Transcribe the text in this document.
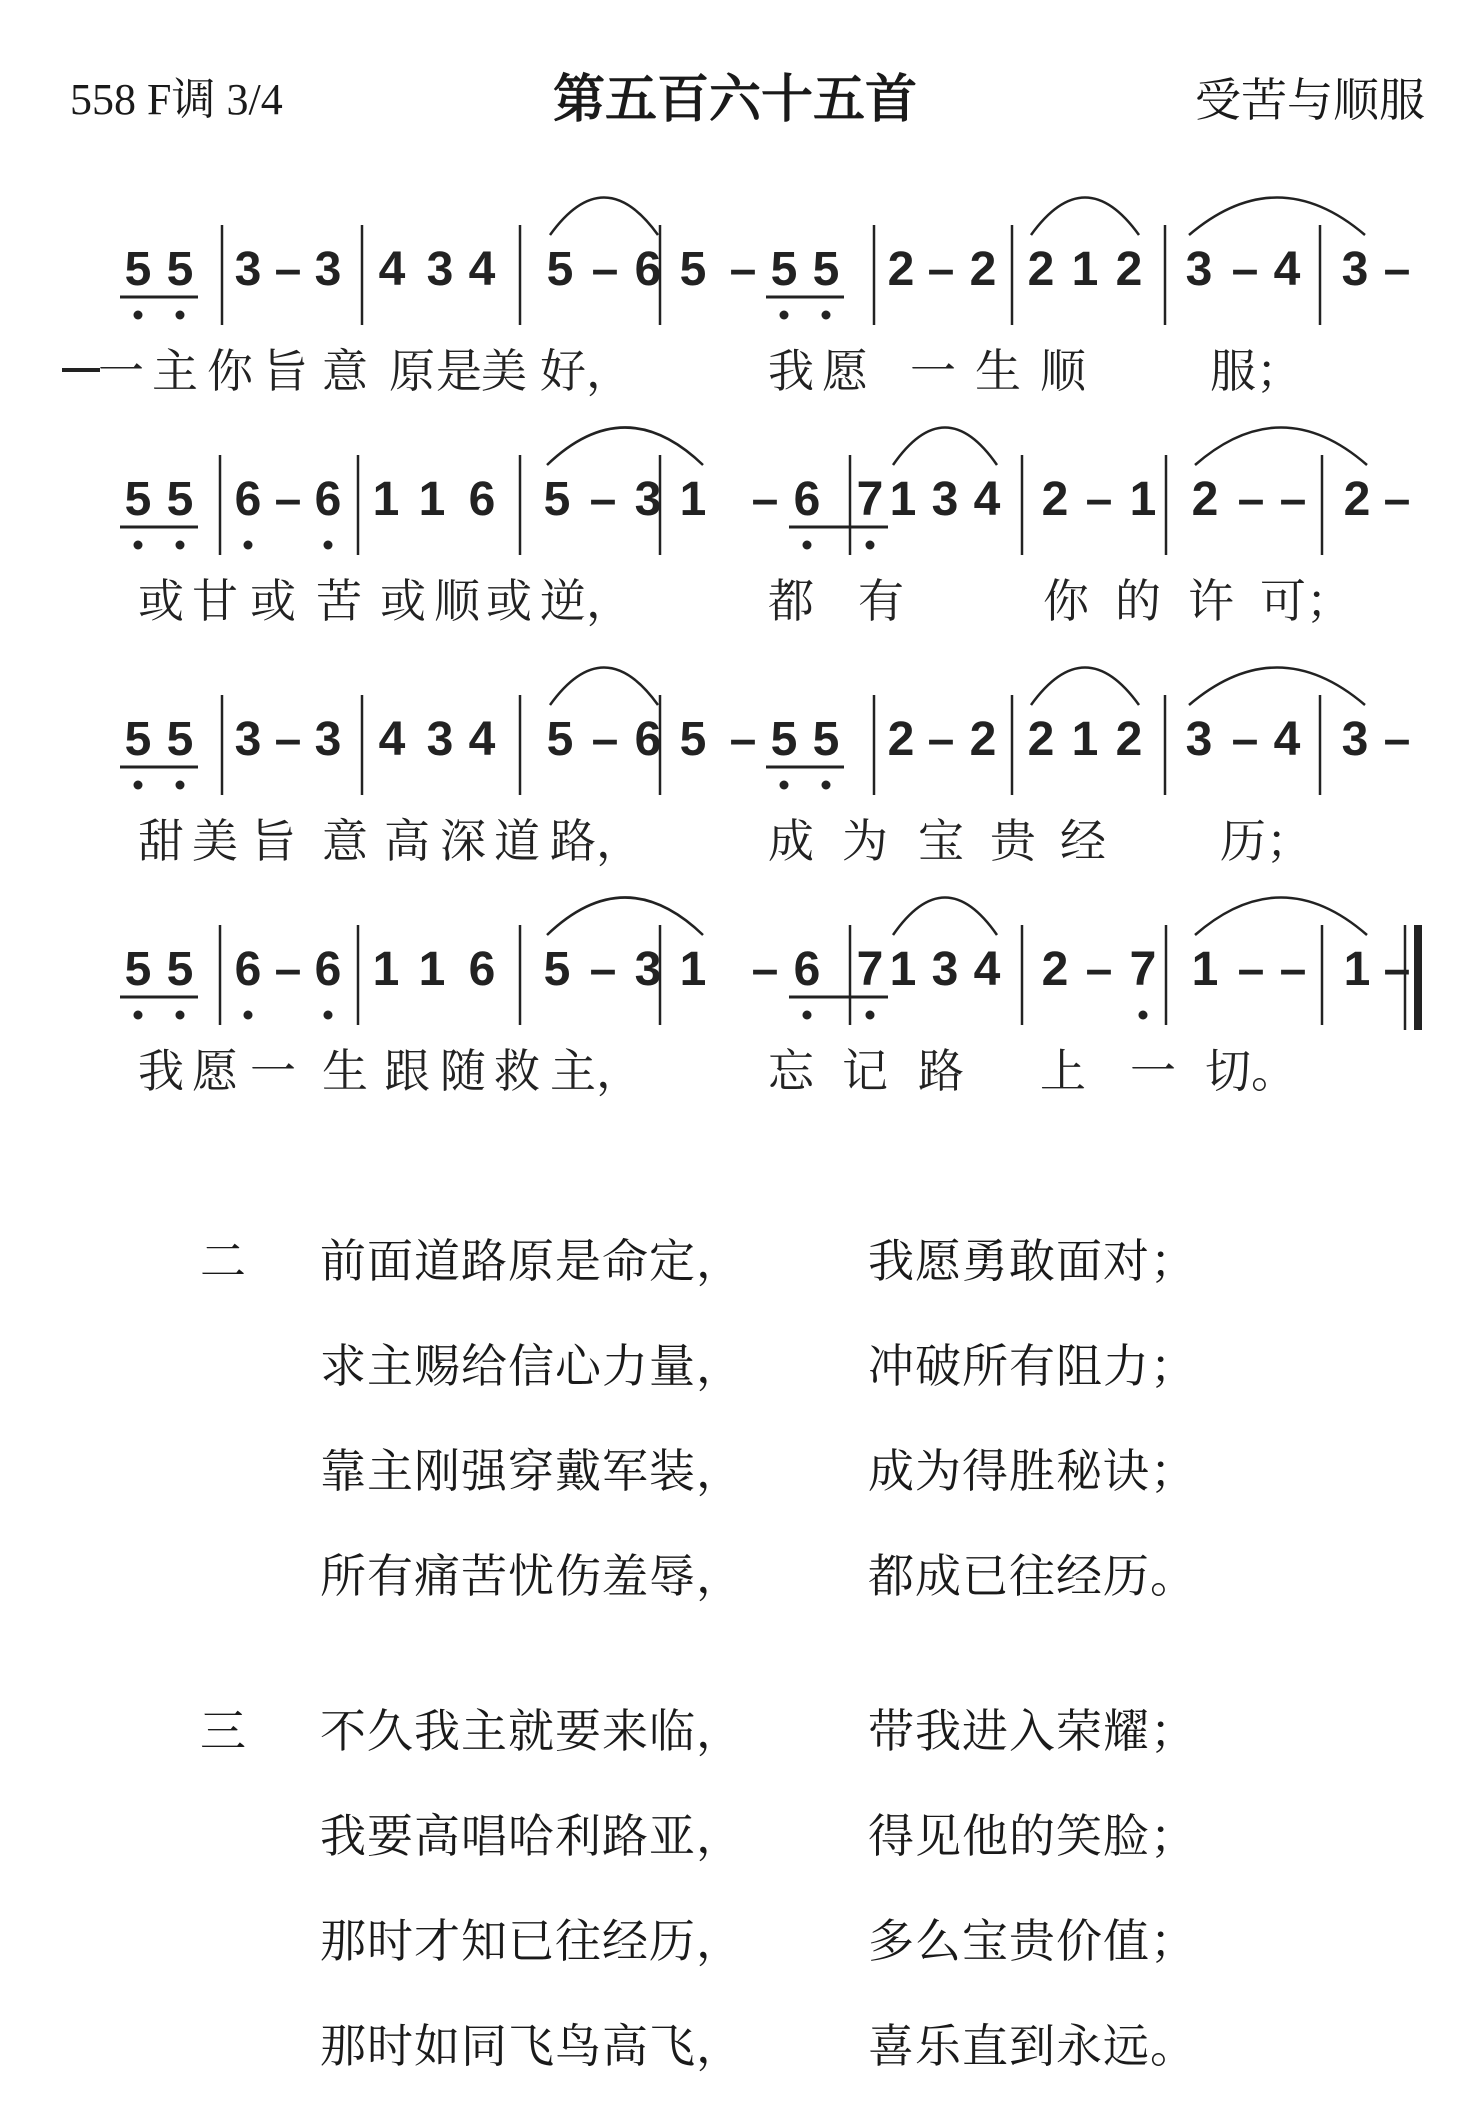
558 F调 3/4	第五百六十五首	受苦与顺服
5 5 3 – 3 4 3 4 5 – 6 5 – 5 5 2 – 2 2 1 2 3 – 4 3 –
一 主 你 旨 意 原 是 美 好，	我 愿 一 生 顺	服；
5 5 6 – 6 1 1 6 5 – 3 1 – 6 7 1 3 4 2 – 1 2 – – 2 –
或 甘 或 苦 或 顺 或 逆，	都 有	你 的 许 可；
5 5 3 – 3 4 3 4 5 – 6 5 – 5 5 2 – 2 2 1 2 3 – 4 3 –
甜 美 旨 意 高 深 道 路，	成 为 宝 贵 经 历；
5 5 6 – 6 1 1 6 5 – 3 1 – 6 7 1 3 4 2 – 7 1 – – 1 –
我 愿 一 生 跟 随 救 主，	忘 记 路 上 一 切。
二 前面道路原是命定，	我愿勇敢面对；
求主赐给信心力量，	冲破所有阻力；
靠主刚强穿戴军装，	成为得胜秘诀；
所有痛苦忧伤羞辱，	都成已往经历。
三 不久我主就要来临，	带我进入荣耀；
我要高唱哈利路亚，	得见他的笑脸；
那时才知已往经历，	多么宝贵价值；
那时如同飞鸟高飞，	喜乐直到永远。
